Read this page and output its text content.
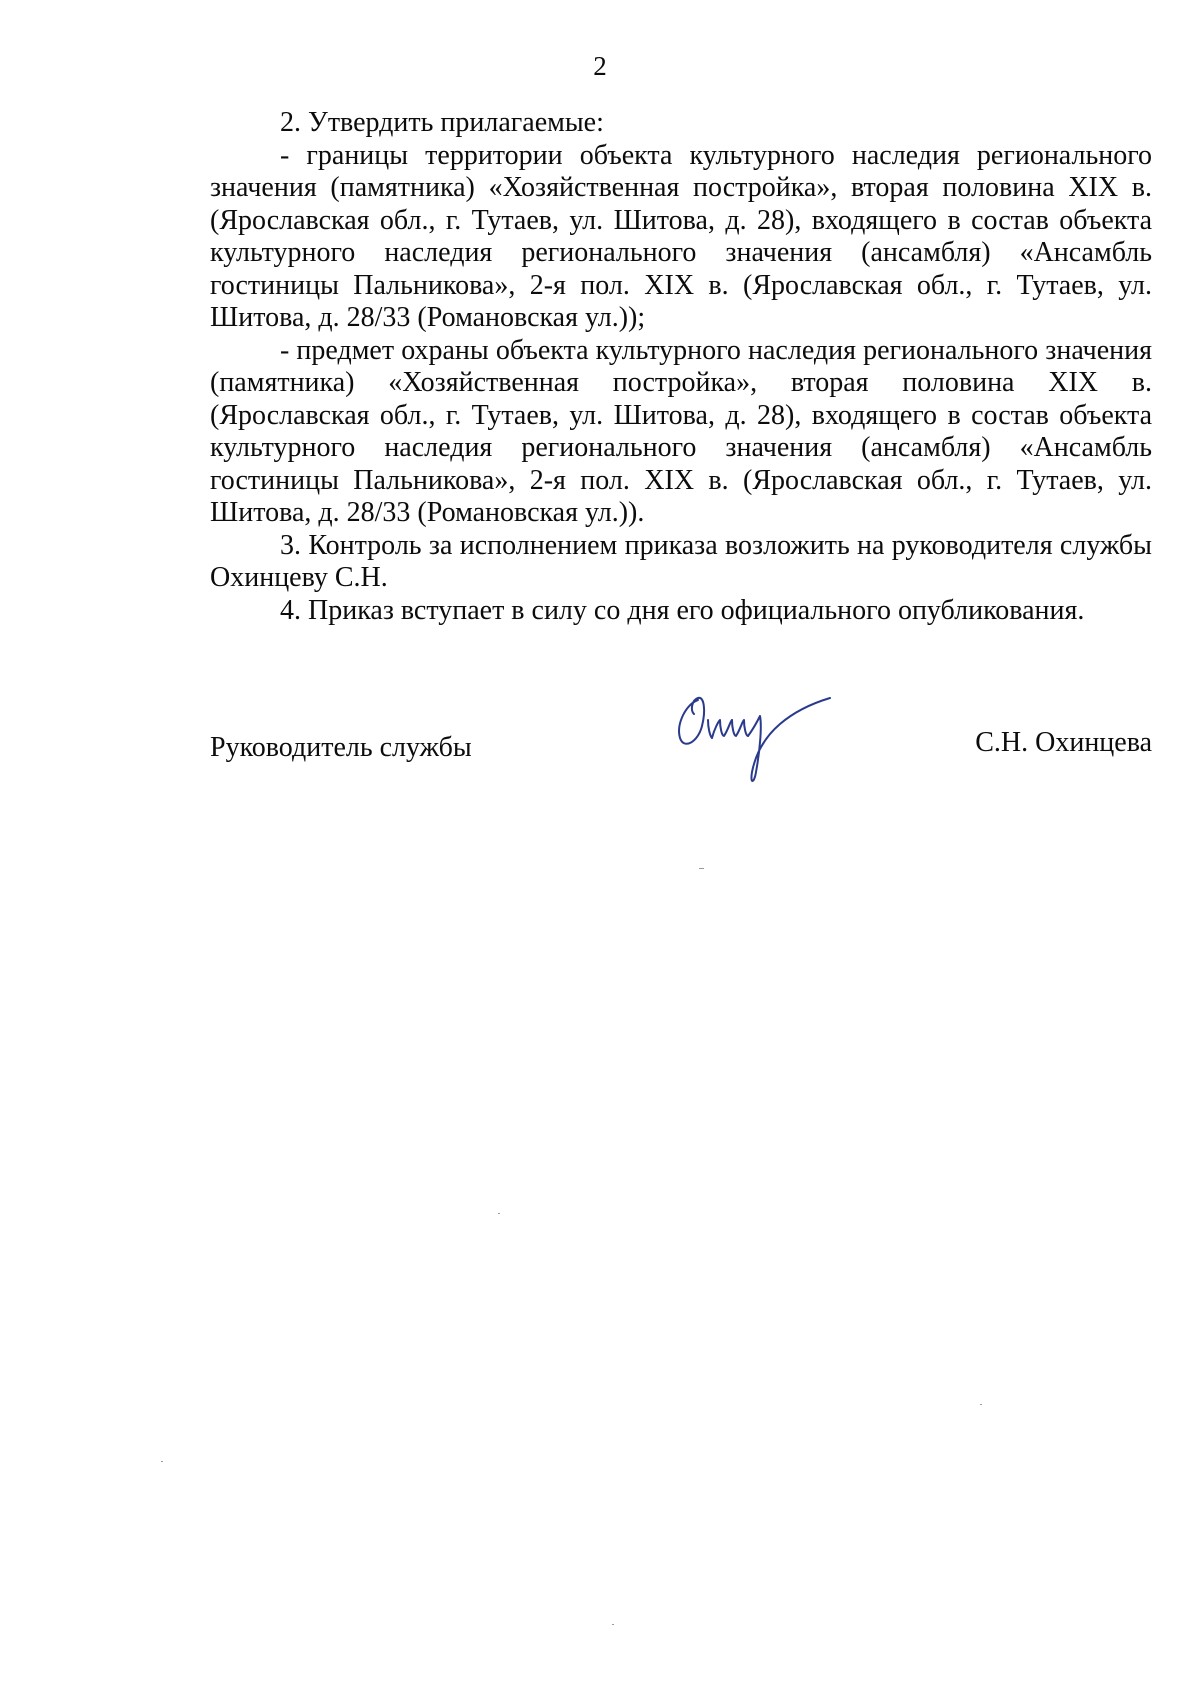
2

2. Утвердить прилагаемые:

- границы территории объекта культурного наследия регионального значения (памятника) «Хозяйственная постройка», вторая половина XIX в. (Ярославская обл., г. Тутаев, ул. Шитова, д. 28), входящего в состав объекта культурного наследия регионального значения (ансамбля) «Ансамбль гостиницы Пальникова», 2-я пол. XIX в. (Ярославская обл., г. Тутаев, ул. Шитова, д. 28/33 (Романовская ул.));

- предмет охраны объекта культурного наследия регионального значения (памятника) «Хозяйственная постройка», вторая половина XIX в. (Ярославская обл., г. Тутаев, ул. Шитова, д. 28), входящего в состав объекта культурного наследия регионального значения (ансамбля) «Ансамбль гостиницы Пальникова», 2-я пол. XIX в. (Ярославская обл., г. Тутаев, ул. Шитова, д. 28/33 (Романовская ул.)).

3. Контроль за исполнением приказа возложить на руководителя службы Охинцеву С.Н.

4. Приказ вступает в силу со дня его официального опубликования.

Руководитель службы	С.Н. Охинцева
